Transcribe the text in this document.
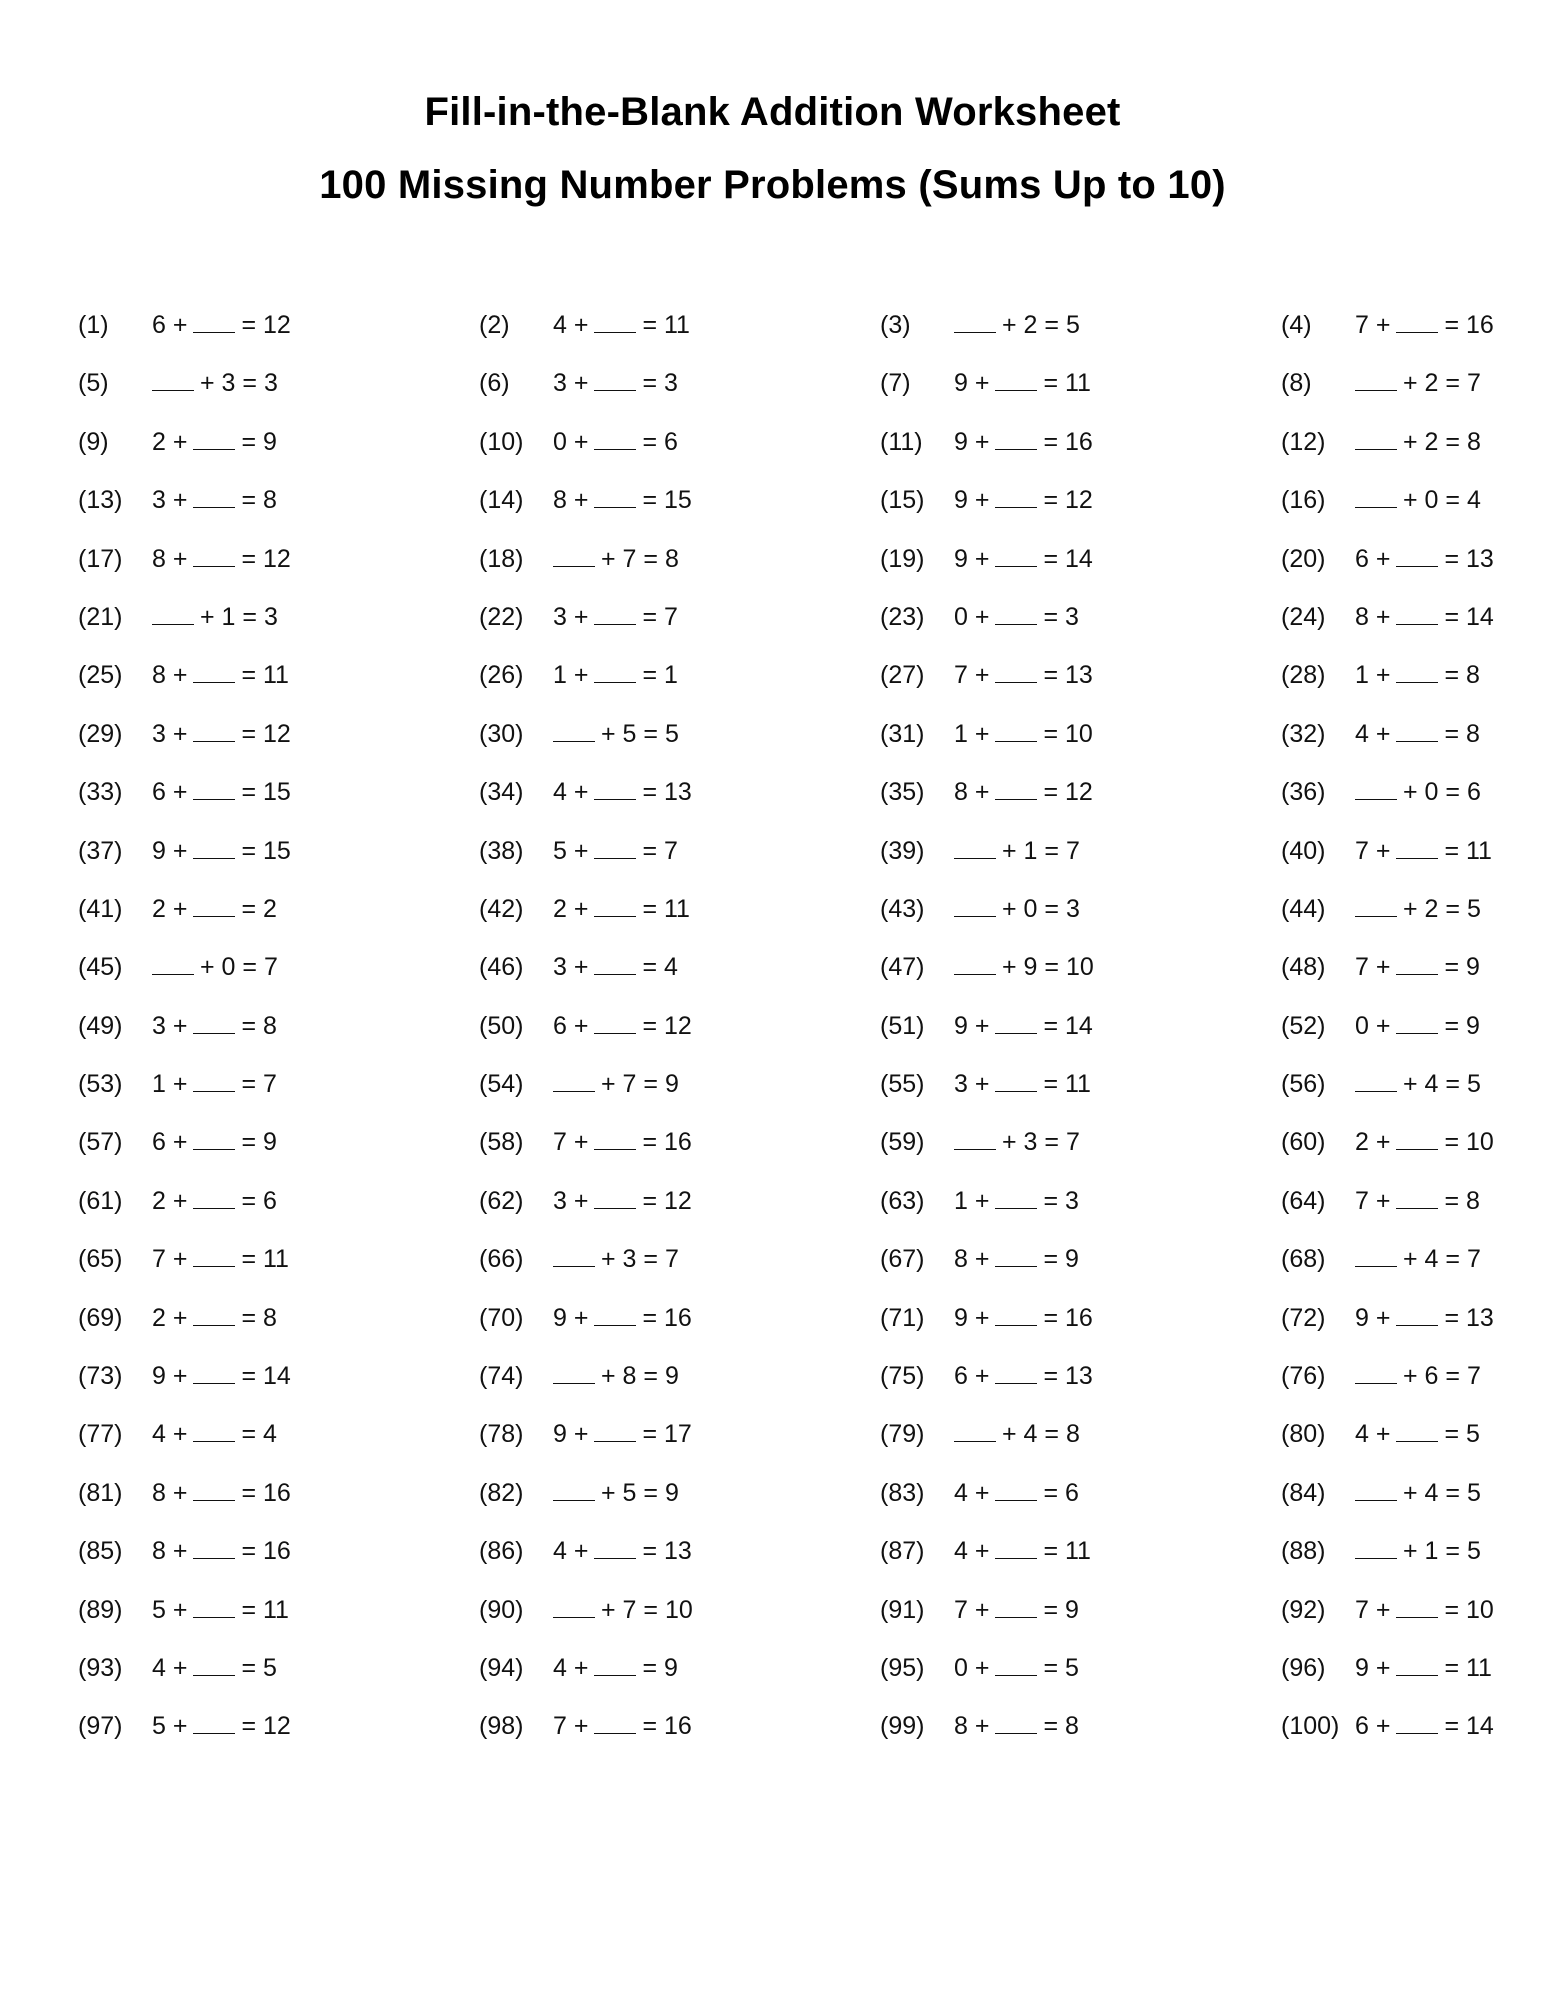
Fill-in-the-Blank Addition Worksheet
100 Missing Number Problems (Sums Up to 10)
(1) 6 + = 12	(2) 4 + = 11	(3)	+ 2 = 5	(4) 7 + = 16
(5)	+ 3 = 3	(6) 3 + = 3	(7) 9 + = 11	(8)	+ 2 = 7
(9) 2 + = 9	(10) 0 + = 6	(11) 9 + = 16	(12)	+ 2 = 8
(13) 3 + = 8	(14) 8 + = 15	(15) 9 + = 12	(16)	+ 0 = 4
(17) 8 + = 12	(18)	+ 7 = 8	(19) 9 + = 14	(20) 6 + = 13
(21)	+ 1 = 3	(22) 3 + = 7	(23) 0 + = 3	(24) 8 + = 14
(25) 8 + = 11	(26) 1 + = 1	(27) 7 + = 13	(28) 1 + = 8
(29) 3 + = 12	(30)	+ 5 = 5	(31) 1 + = 10	(32) 4 + = 8
(33) 6 + = 15	(34) 4 + = 13	(35) 8 + = 12	(36)	+ 0 = 6
(37) 9 + = 15	(38) 5 + = 7	(39)	+ 1 = 7	(40) 7 + = 11
(41) 2 + = 2	(42) 2 + = 11	(43)	+ 0 = 3	(44)	+ 2 = 5
(45)	+ 0 = 7	(46) 3 + = 4	(47)	+ 9 = 10	(48) 7 + = 9
(49) 3 + = 8	(50) 6 + = 12	(51) 9 + = 14	(52) 0 + = 9
(53) 1 + = 7	(54)	+ 7 = 9	(55) 3 + = 11	(56)	+ 4 = 5
(57) 6 + = 9	(58) 7 + = 16	(59)	+ 3 = 7	(60) 2 + = 10
(61) 2 + = 6	(62) 3 + = 12	(63) 1 + = 3	(64) 7 + = 8
(65) 7 + = 11	(66)	+ 3 = 7	(67) 8 + = 9	(68)	+ 4 = 7
(69) 2 + = 8	(70) 9 + = 16	(71) 9 + = 16	(72) 9 + = 13
(73) 9 + = 14	(74)	+ 8 = 9	(75) 6 + = 13	(76)	+ 6 = 7
(77) 4 + = 4	(78) 9 + = 17	(79)	+ 4 = 8	(80) 4 + = 5
(81) 8 + = 16	(82)	+ 5 = 9	(83) 4 + = 6	(84)	+ 4 = 5
(85) 8 + = 16	(86) 4 + = 13	(87) 4 + = 11	(88)	+ 1 = 5
(89) 5 + = 11	(90)	+ 7 = 10	(91) 7 + = 9	(92) 7 + = 10
(93) 4 + = 5	(94) 4 + = 9	(95) 0 + = 5	(96) 9 + = 11
(97) 5 + = 12	(98) 7 + = 16	(99) 8 + = 8	(100) 6 + = 14
